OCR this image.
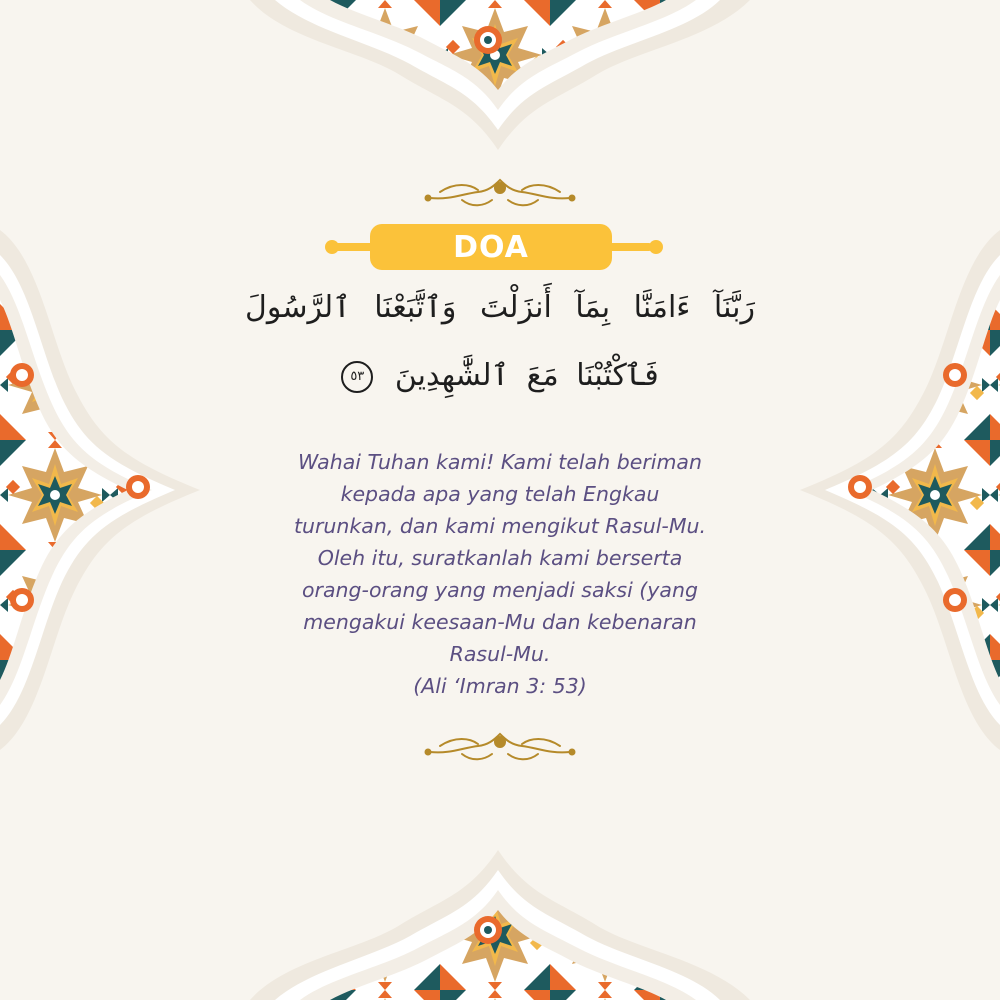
DOA
رَبَّنَآ ءَامَنَّا بِمَآ أَنزَلْتَ وَٱتَّبَعْنَا ٱلرَّسُولَ
فَٱكْتُبْنَا مَعَ ٱلشَّٰهِدِينَ ٥٣

Wahai Tuhan kami! Kami telah beriman

kepada apa yang telah Engkau

turunkan, dan kami mengikut Rasul-Mu.

Oleh itu, suratkanlah kami berserta

orang-orang yang menjadi saksi (yang

mengakui keesaan-Mu dan kebenaran

Rasul-Mu.

(Ali ‘Imran 3: 53)
